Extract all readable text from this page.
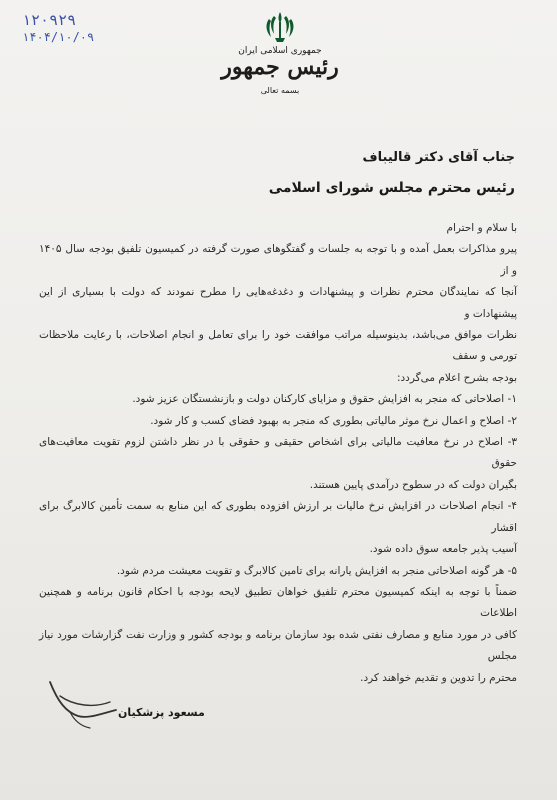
۱۲۰۹۲۹
۱۴۰۴/۱۰/۰۹
جمهوری اسلامی ایران
رئیس جمهور
بسمه تعالی
جناب آقای دکتر قالیباف
رئیس محترم مجلس شورای اسلامی

با سلام و احترام

پیرو مذاکرات بعمل آمده و با توجه به جلسات و گفتگوهای صورت گرفته در کمیسیون تلفیق بودجه سال ۱۴۰۵ و از

آنجا که نمایندگان محترم نظرات و پیشنهادات و دغدغه‌هایی را مطرح نمودند که دولت با بسیاری از این پیشنهادات و

نظرات موافق می‌باشد، بدینوسیله مراتب موافقت خود را برای تعامل و انجام اصلاحات، با رعایت ملاحظات تورمی و سقف

بودجه بشرح اعلام می‌گردد:

۱- اصلاحاتی که منجر به افزایش حقوق و مزایای کارکنان دولت و بازنشستگان عزیز شود.

۲- اصلاح و اعمال نرخ موثر مالیاتی بطوری که منجر به بهبود فضای کسب و کار شود.

۳- اصلاح در نرخ معافیت مالیاتی برای اشخاص حقیقی و حقوقی با در نظر داشتن لزوم تقویت معافیت‌های حقوق

بگیران دولت که در سطوح درآمدی پایین هستند.

۴- انجام اصلاحات در افزایش نرخ مالیات بر ارزش افزوده بطوری که این منابع به سمت تأمین کالابرگ برای اقشار

آسیب پذیر جامعه سوق داده شود.

۵- هر گونه اصلاحاتی منجر به افزایش یارانه برای تامین کالابرگ و تقویت معیشت مردم شود.

ضمناً با توجه به اینکه کمیسیون محترم تلفیق خواهان تطبیق لایحه بودجه با احکام قانون برنامه و همچنین اطلاعات

کافی در مورد منابع و مصارف نفتی شده بود سازمان برنامه و بودجه کشور و وزارت نفت گزارشات مورد نیاز مجلس

محترم را تدوین و تقدیم خواهند کرد.

مسعود پزشکیان
